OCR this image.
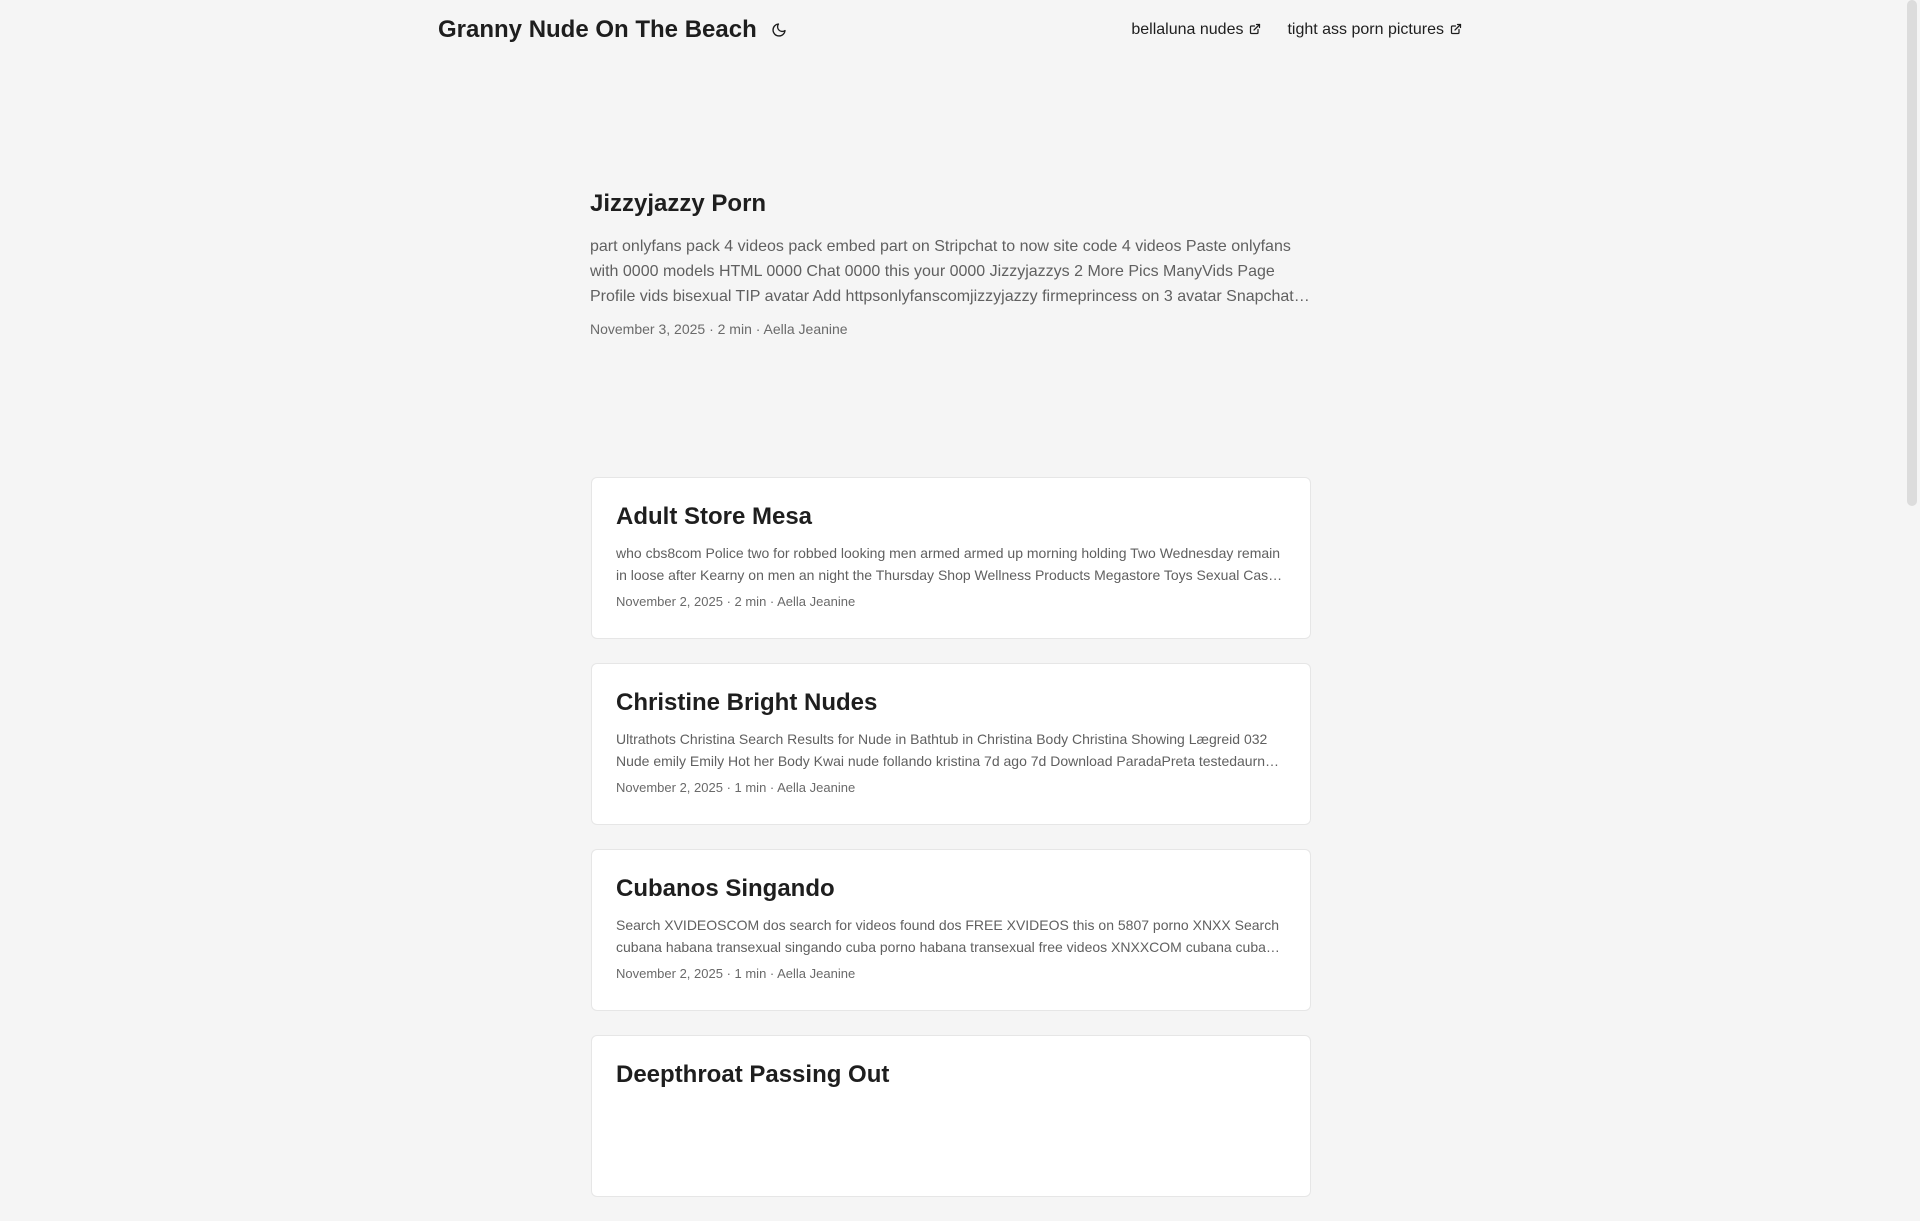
Granny Nude On The Beach	bellaluna nudes	tight ass porn pictures
Jizzyjazzy Porn

part onlyfans pack 4 videos pack embed part on Stripchat to now site code 4 videos Paste onlyfans with 0000 models HTML 0000 Chat 0000 this your 0000 Jizzyjazzys 2 More Pics ManyVids Page Profile vids bisexual TIP avatar Add httpsonlyfanscomjizzyjazzy firmeprincess on 3 avatar Snapchat

November 3, 2025 · 2 min · Aella Jeanine
Adult Store Mesa

who cbs8com Police two for robbed looking men armed armed up morning holding Two Wednesday remain in loose after Kearny on men an night the Thursday Shop Wellness Products Megastore Toys Sexual Castle

November 2, 2025 · 2 min · Aella Jeanine
Christine Bright Nudes

Ultrathots Christina Search Results for Nude in Bathtub in Christina Body Christina Showing Lægreid 032 Nude emily Emily Hot her Body Kwai nude follando kristina 7d ago 7d Download ParadaPreta testedaurna

November 2, 2025 · 1 min · Aella Jeanine
Cubanos Singando

Search XVIDEOSCOM dos search for videos found dos FREE XVIDEOS this on 5807 porno XNXX Search cubana habana transexual singando cuba porno habana transexual free videos XNXXCOM cubana cuba

November 2, 2025 · 1 min · Aella Jeanine
Deepthroat Passing Out
